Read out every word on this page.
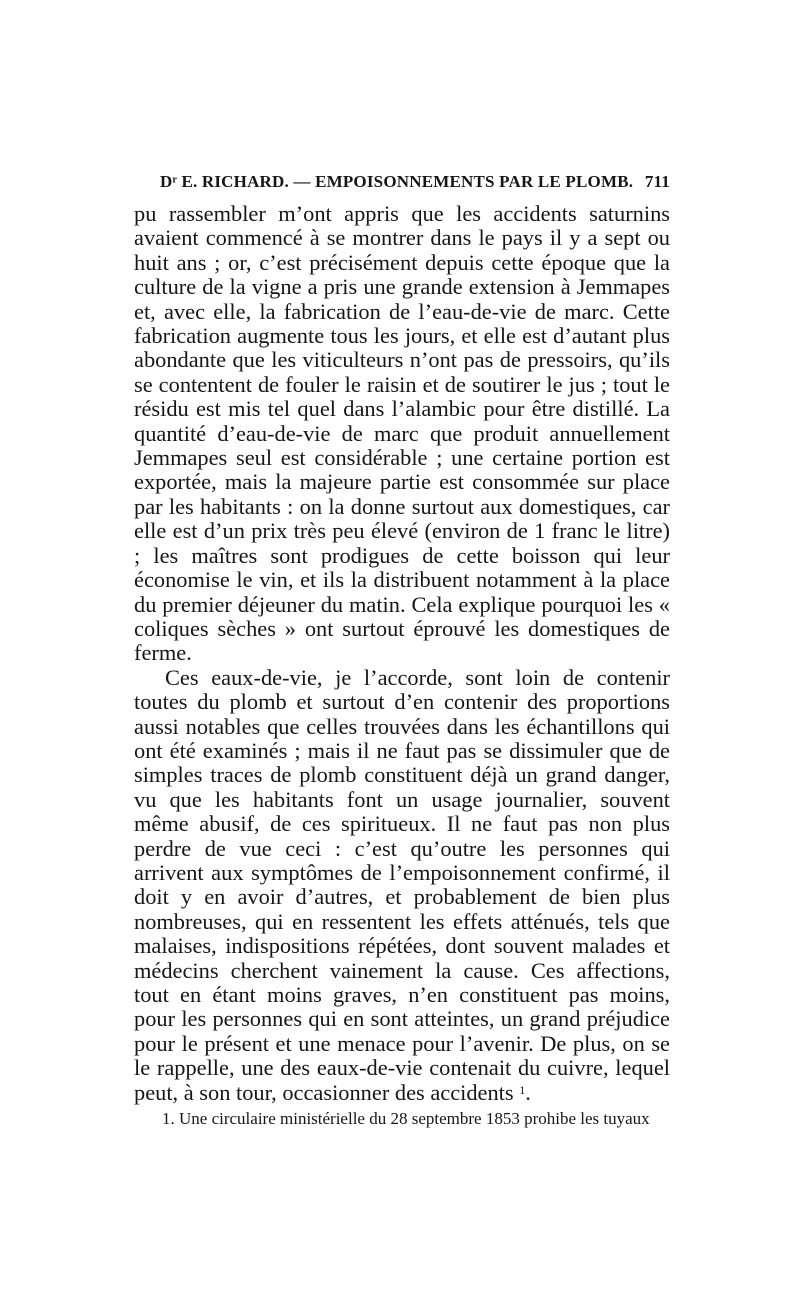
Dʳ E. RICHARD. — EMPOISONNEMENTS PAR LE PLOMB. 711

pu rassembler m’ont appris que les accidents saturnins avaient commencé à se montrer dans le pays il y a sept ou huit ans ; or, c’est précisément depuis cette époque que la culture de la vigne a pris une grande extension à Jemmapes et, avec elle, la fabrication de l’eau-de-vie de marc. Cette fabrication augmente tous les jours, et elle est d’autant plus abondante que les viticulteurs n’ont pas de pressoirs, qu’ils se contentent de fouler le raisin et de soutirer le jus ; tout le résidu est mis tel quel dans l’alambic pour être distillé. La quantité d’eau-de-vie de marc que produit annuellement Jemmapes seul est considérable ; une certaine portion est exportée, mais la majeure partie est consommée sur place par les habitants : on la donne surtout aux domestiques, car elle est d’un prix très peu élevé (environ de 1 franc le litre) ; les maîtres sont prodigues de cette boisson qui leur économise le vin, et ils la distribuent notamment à la place du premier déjeuner du matin. Cela explique pourquoi les « coliques sèches » ont surtout éprouvé les domestiques de ferme.

Ces eaux-de-vie, je l’accorde, sont loin de contenir toutes du plomb et surtout d’en contenir des proportions aussi notables que celles trouvées dans les échantillons qui ont été examinés ; mais il ne faut pas se dissimuler que de simples traces de plomb constituent déjà un grand danger, vu que les habitants font un usage journalier, souvent même abusif, de ces spiritueux. Il ne faut pas non plus perdre de vue ceci : c’est qu’outre les personnes qui arrivent aux symptômes de l’empoisonnement confirmé, il doit y en avoir d’autres, et probablement de bien plus nombreuses, qui en ressentent les effets atténués, tels que malaises, indispositions répétées, dont souvent malades et médecins cherchent vainement la cause. Ces affections, tout en étant moins graves, n’en constituent pas moins, pour les personnes qui en sont atteintes, un grand préjudice pour le présent et une menace pour l’avenir. De plus, on se le rappelle, une des eaux-de-vie contenait du cuivre, lequel peut, à son tour, occasionner des accidents $^1$.

1. Une circulaire ministérielle du 28 septembre 1853 prohibe les tuyaux
